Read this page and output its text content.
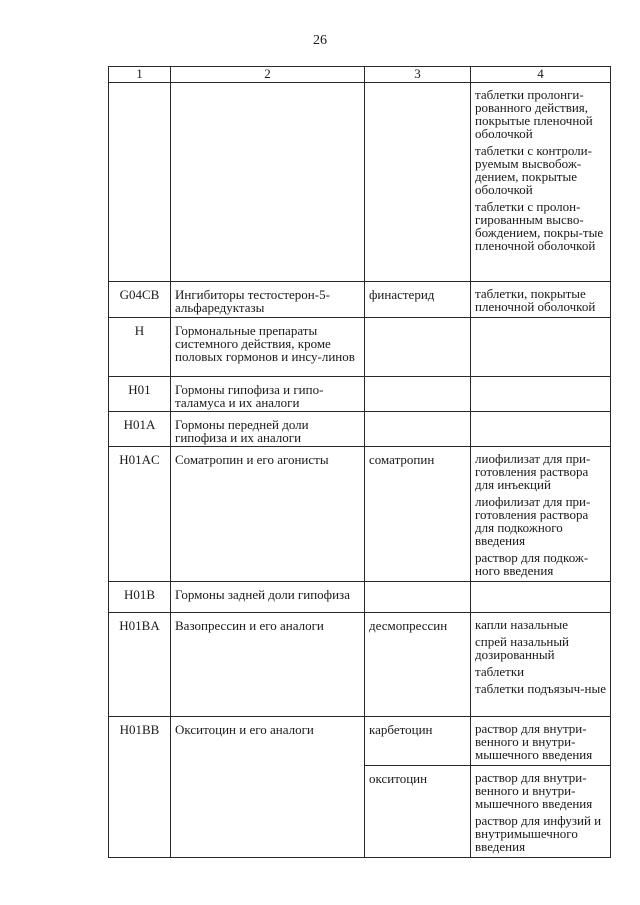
26
1	2	3	4

			таблетки пролонги-рованного действия, покрытые пленочной оболочкой
таблетки с контроли-руемым высвобож-дением, покрытые оболочкой
таблетки с пролон-гированным высво-бождением, покры-тые пленочной оболочкой

G04CB	Ингибиторы тестостерон-5-альфаредуктазы	финастерид	таблетки, покрытые пленочной оболочкой

H	Гормональные препараты системного действия, кроме половых гормонов и инсу-линов		

H01	Гормоны гипофиза и гипо-таламуса и их аналоги		

H01A	Гормоны передней доли гипофиза и их аналоги		

H01AC	Соматропин и его агонисты	соматропин	лиофилизат для при-готовления раствора для инъекций
лиофилизат для при-готовления раствора для подкожного введения
раствор для подкож-ного введения

H01B	Гормоны задней доли гипофиза		

H01BA	Вазопрессин и его аналоги	десмопрессин	капли назальные
спрей назальный дозированный
таблетки
таблетки подъязыч-ные

H01BB	Окситоцин и его аналоги	карбетоцин	раствор для внутри-венного и внутри-мышечного введения

		окситоцин	раствор для внутри-венного и внутри-мышечного введения
раствор для инфузий и внутримышечного введения
